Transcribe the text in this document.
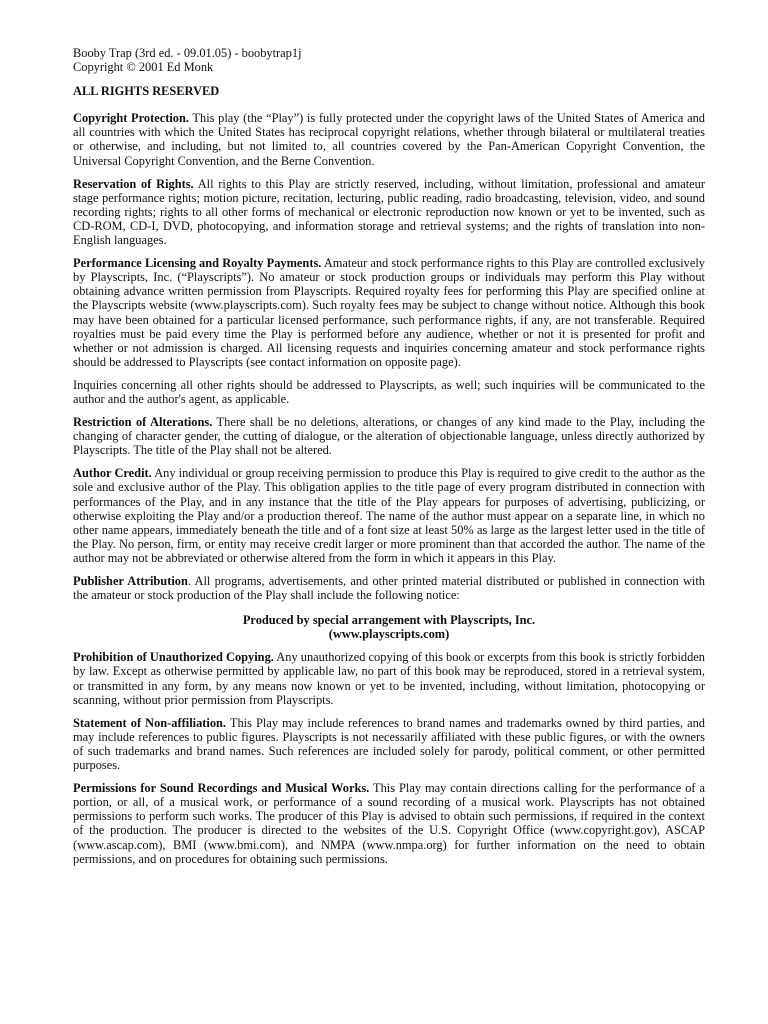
Booby Trap (3rd ed. - 09.01.05) - boobytrap1j

Copyright © 2001 Ed Monk

ALL RIGHTS RESERVED

Copyright Protection. This play (the “Play”) is fully protected under the copyright laws of the United States of America and all countries with which the United States has reciprocal copyright relations, whether through bilateral or multilateral treaties or otherwise, and including, but not limited to, all countries covered by the Pan-American Copyright Convention, the Universal Copyright Convention, and the Berne Convention.

Reservation of Rights. All rights to this Play are strictly reserved, including, without limitation, professional and amateur stage performance rights; motion picture, recitation, lecturing, public reading, radio broadcasting, television, video, and sound recording rights; rights to all other forms of mechanical or electronic reproduction now known or yet to be invented, such as CD-ROM, CD-I, DVD, photocopying, and information storage and retrieval systems; and the rights of translation into non-English languages.

Performance Licensing and Royalty Payments. Amateur and stock performance rights to this Play are controlled exclusively by Playscripts, Inc. (“Playscripts”). No amateur or stock production groups or individuals may perform this Play without obtaining advance written permission from Playscripts. Required royalty fees for performing this Play are specified online at the Playscripts website (www.playscripts.com). Such royalty fees may be subject to change without notice. Although this book may have been obtained for a particular licensed performance, such performance rights, if any, are not transferable. Required royalties must be paid every time the Play is performed before any audience, whether or not it is presented for profit and whether or not admission is charged. All licensing requests and inquiries concerning amateur and stock performance rights should be addressed to Playscripts (see contact information on opposite page).

Inquiries concerning all other rights should be addressed to Playscripts, as well; such inquiries will be communicated to the author and the author's agent, as applicable.

Restriction of Alterations. There shall be no deletions, alterations, or changes of any kind made to the Play, including the changing of character gender, the cutting of dialogue, or the alteration of objectionable language, unless directly authorized by Playscripts. The title of the Play shall not be altered.

Author Credit. Any individual or group receiving permission to produce this Play is required to give credit to the author as the sole and exclusive author of the Play. This obligation applies to the title page of every program distributed in connection with performances of the Play, and in any instance that the title of the Play appears for purposes of advertising, publicizing, or otherwise exploiting the Play and/or a production thereof. The name of the author must appear on a separate line, in which no other name appears, immediately beneath the title and of a font size at least 50% as large as the largest letter used in the title of the Play. No person, firm, or entity may receive credit larger or more prominent than that accorded the author. The name of the author may not be abbreviated or otherwise altered from the form in which it appears in this Play.

Publisher Attribution. All programs, advertisements, and other printed material distributed or published in connection with the amateur or stock production of the Play shall include the following notice:

Produced by special arrangement with Playscripts, Inc.
(www.playscripts.com)

Prohibition of Unauthorized Copying. Any unauthorized copying of this book or excerpts from this book is strictly forbidden by law. Except as otherwise permitted by applicable law, no part of this book may be reproduced, stored in a retrieval system, or transmitted in any form, by any means now known or yet to be invented, including, without limitation, photocopying or scanning, without prior permission from Playscripts.

Statement of Non-affiliation. This Play may include references to brand names and trademarks owned by third parties, and may include references to public figures. Playscripts is not necessarily affiliated with these public figures, or with the owners of such trademarks and brand names. Such references are included solely for parody, political comment, or other permitted purposes.

Permissions for Sound Recordings and Musical Works. This Play may contain directions calling for the performance of a portion, or all, of a musical work, or performance of a sound recording of a musical work. Playscripts has not obtained permissions to perform such works. The producer of this Play is advised to obtain such permissions, if required in the context of the production. The producer is directed to the websites of the U.S. Copyright Office (www.copyright.gov), ASCAP (www.ascap.com), BMI (www.bmi.com), and NMPA (www.nmpa.org) for further information on the need to obtain permissions, and on procedures for obtaining such permissions.
